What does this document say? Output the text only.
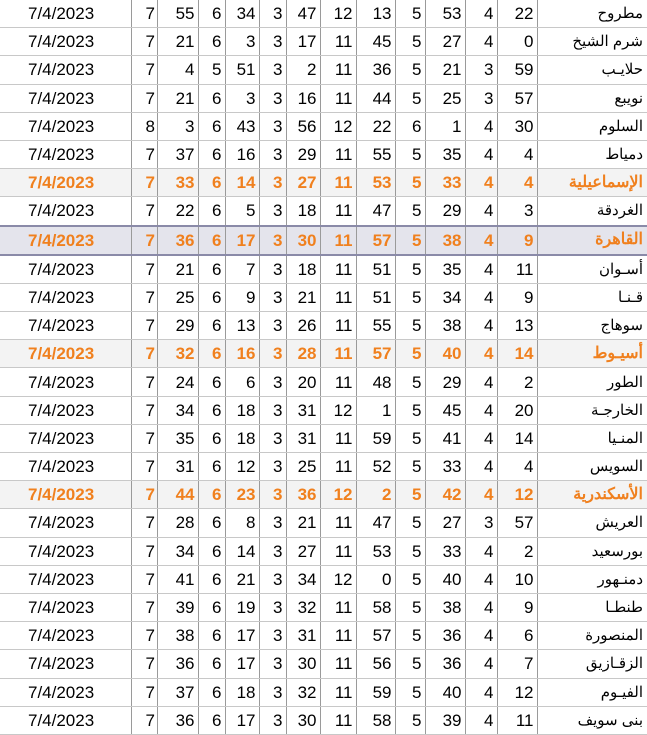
7/4/2023	7	55	6	34	3	47	12	13	5	53	4	22	مطروح
7/4/2023	7	21	6	3	3	17	11	45	5	27	4	0	شرم الشيخ
7/4/2023	7	4	5	51	3	2	11	36	5	21	3	59	حلايـب
7/4/2023	7	21	6	3	3	16	11	44	5	25	3	57	نويبع
7/4/2023	8	3	6	43	3	56	12	22	6	1	4	30	السلوم
7/4/2023	7	37	6	16	3	29	11	55	5	35	4	4	دمياط
7/4/2023	7	33	6	14	3	27	11	53	5	33	4	4	الإسماعيلية
7/4/2023	7	22	6	5	3	18	11	47	5	29	4	3	الغردقة
7/4/2023	7	36	6	17	3	30	11	57	5	38	4	9	القاهرة
7/4/2023	7	21	6	7	3	18	11	51	5	35	4	11	أسـوان
7/4/2023	7	25	6	9	3	21	11	51	5	34	4	9	قـنـا
7/4/2023	7	29	6	13	3	26	11	55	5	38	4	13	سوهاج
7/4/2023	7	32	6	16	3	28	11	57	5	40	4	14	أسيـوط
7/4/2023	7	24	6	6	3	20	11	48	5	29	4	2	الطور
7/4/2023	7	34	6	18	3	31	12	1	5	45	4	20	الخارجـة
7/4/2023	7	35	6	18	3	31	11	59	5	41	4	14	المنـيا
7/4/2023	7	31	6	12	3	25	11	52	5	33	4	4	السويس
7/4/2023	7	44	6	23	3	36	12	2	5	42	4	12	الأسكندرية
7/4/2023	7	28	6	8	3	21	11	47	5	27	3	57	العريش
7/4/2023	7	34	6	14	3	27	11	53	5	33	4	2	بورسعيد
7/4/2023	7	41	6	21	3	34	12	0	5	40	4	10	دمنـهور
7/4/2023	7	39	6	19	3	32	11	58	5	38	4	9	طنطـا
7/4/2023	7	38	6	17	3	31	11	57	5	36	4	6	المنصورة
7/4/2023	7	36	6	17	3	30	11	56	5	36	4	7	الزقـازيق
7/4/2023	7	37	6	18	3	32	11	59	5	40	4	12	الفيـوم
7/4/2023	7	36	6	17	3	30	11	58	5	39	4	11	بنى سويف
